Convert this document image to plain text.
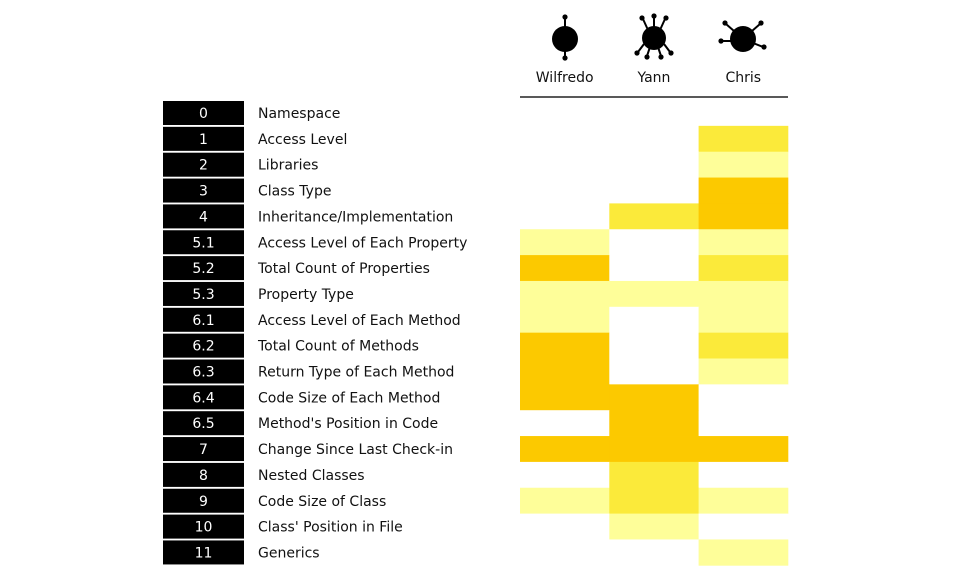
Wilfredo	Yann	Chris
0
1
2
3
4
5.1
5.2
5.3
6.1
6.2
6.3
6.4
6.5
7
8
9
10
11
Namespace
Access Level
Libraries
Class Type
Inheritance/Implementation
Access Level of Each Property
Total Count of Properties
Property Type
Access Level of Each Method
Total Count of Methods
Return Type of Each Method
Code Size of Each Method
Method's Position in Code
Change Since Last Check-in
Nested Classes
Code Size of Class
Class' Position in File
Generics
